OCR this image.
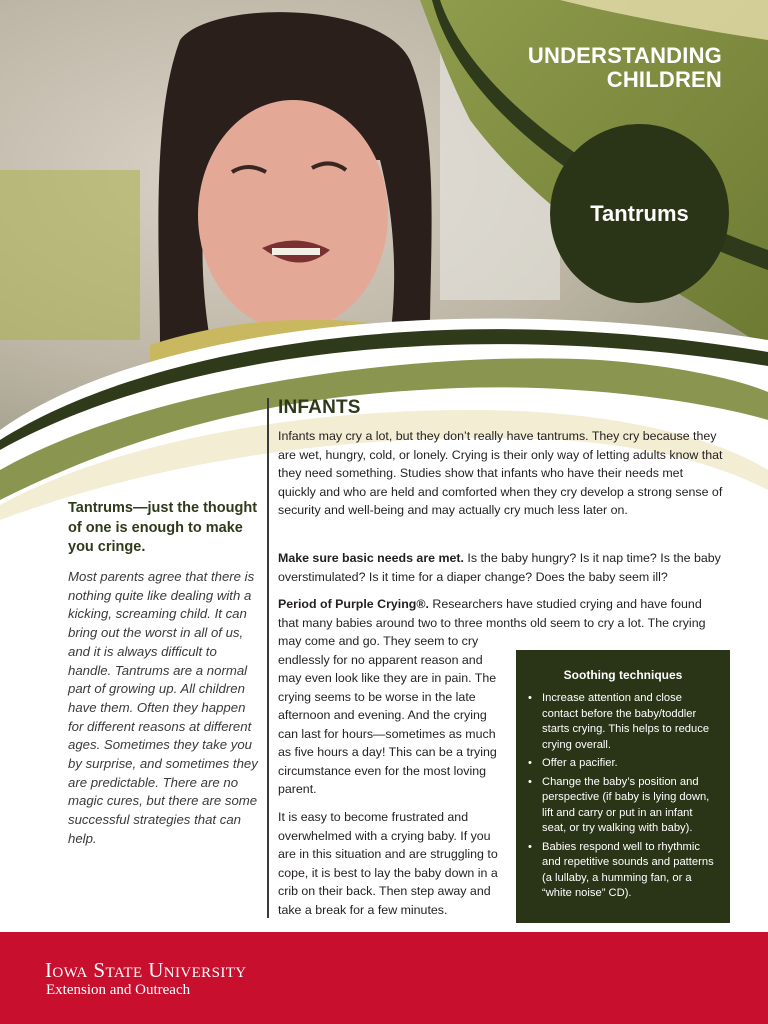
UNDERSTANDING
CHILDREN
Tantrums
Tantrums—just the thought of one is enough to make you cringe.
Most parents agree that there is nothing quite like dealing with a kicking, screaming child. It can bring out the worst in all of us, and it is always difficult to handle. Tantrums are a normal part of growing up. All children have them. Often they happen for different reasons at different ages. Sometimes they take you by surprise, and sometimes they are predictable. There are no magic cures, but there are some successful strategies that can help.
INFANTS

Infants may cry a lot, but they don’t really have tantrums. They cry because they are wet, hungry, cold, or lonely. Crying is their only way of letting adults know that they need something. Studies show that infants who have their needs met quickly and who are held and comforted when they cry develop a strong sense of security and well-being and may actually cry much less later on.

Make sure basic needs are met. Is the baby hungry? Is it nap time? Is the baby overstimulated? Is it time for a diaper change? Does the baby seem ill?

Period of Purple Crying®. Researchers have studied crying and have found that many babies around two to three months old seem to cry a lot. The crying

may come and go. They seem to cry endlessly for no apparent reason and may even look like they are in pain. The crying seems to be worse in the late afternoon and evening. And the crying can last for hours—sometimes as much as five hours a day! This can be a trying circumstance even for the most loving parent.

It is easy to become frustrated and overwhelmed with a crying baby. If you are in this situation and are struggling to cope, it is best to lay the baby down in a crib on their back. Then step away and take a break for a few minutes.

Soothing techniques
• Increase attention and close contact before the baby/toddler starts crying. This helps to reduce crying overall.
• Offer a pacifier.
• Change the baby’s position and perspective (if baby is lying down, lift and carry or put in an infant seat, or try walking with baby).
• Babies respond well to rhythmic and repetitive sounds and patterns (a lullaby, a humming fan, or a “white noise” CD).
Iowa State University
Extension and Outreach
